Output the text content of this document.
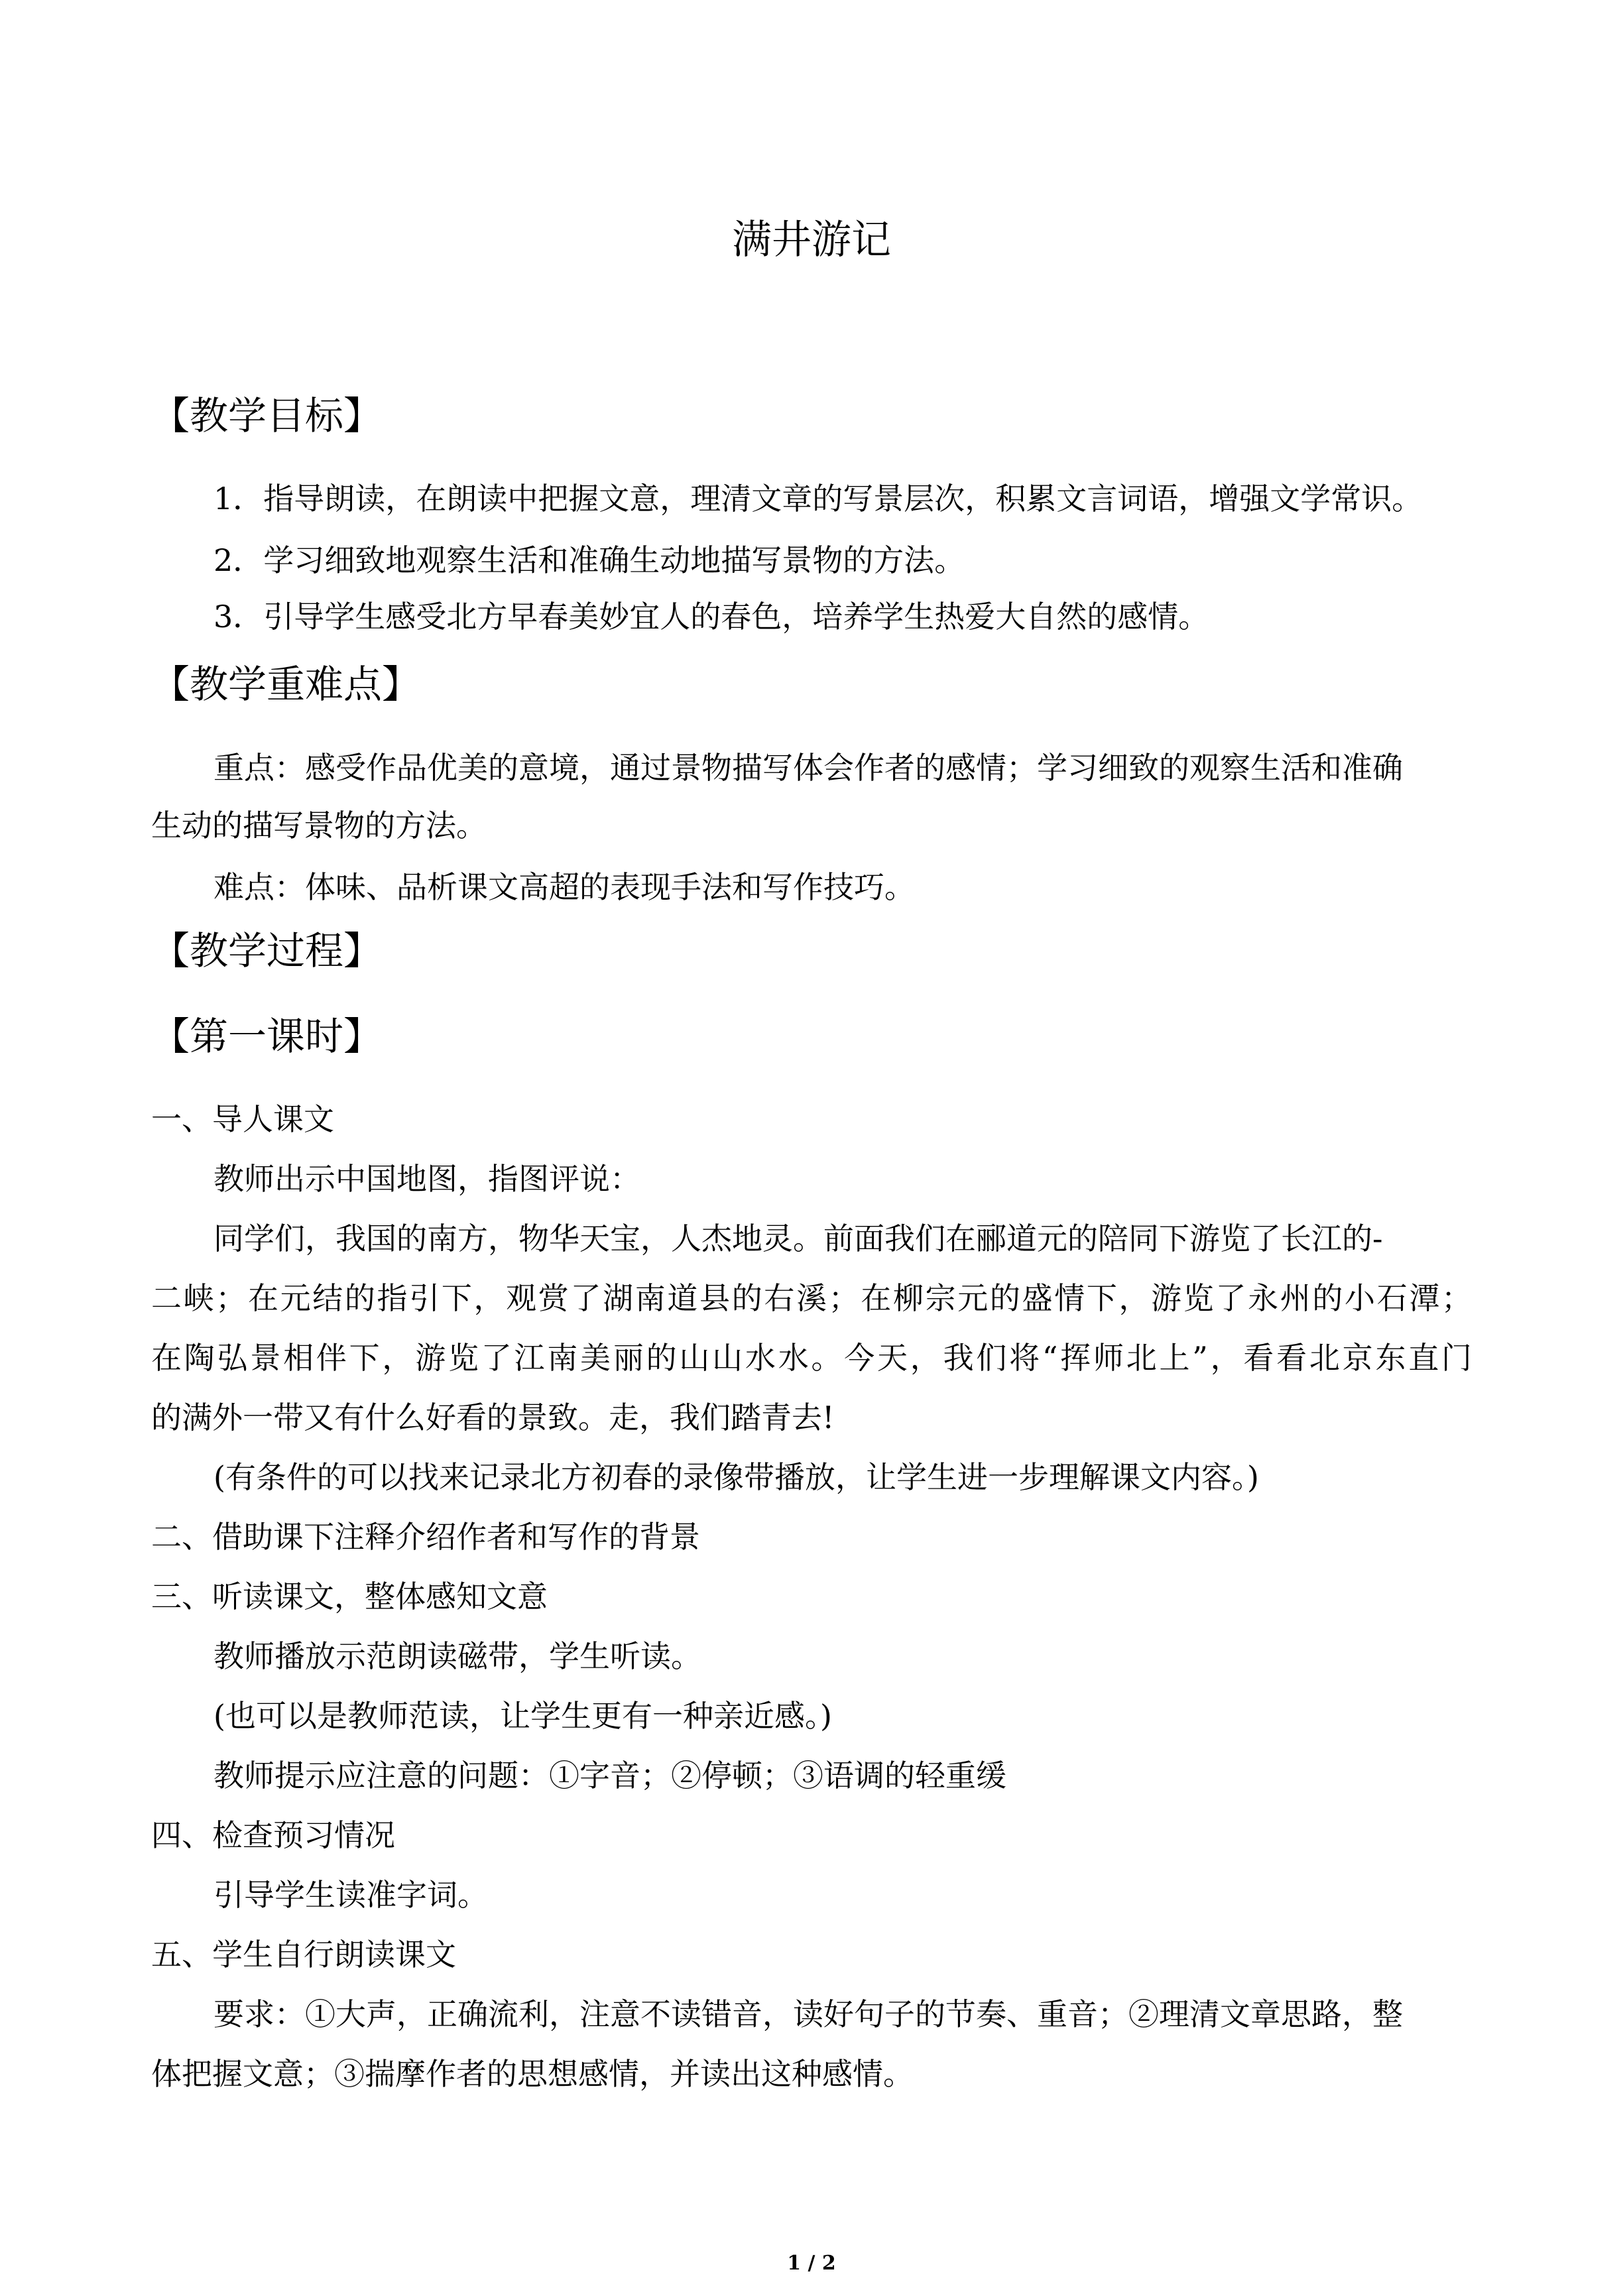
满井游记
【教学目标】
1．指导朗读，在朗读中把握文意，理清文章的写景层次，积累文言词语，增强文学常识。
2．学习细致地观察生活和准确生动地描写景物的方法。
3．引导学生感受北方早春美妙宜人的春色，培养学生热爱大自然的感情。
【教学重难点】
重点：感受作品优美的意境，通过景物描写体会作者的感情；学习细致的观察生活和准确
生动的描写景物的方法。
难点：体味、品析课文高超的表现手法和写作技巧。
【教学过程】
【第一课时】
一、导人课文
教师出示中国地图，指图评说：
同学们，我国的南方，物华天宝，人杰地灵。前面我们在郦道元的陪同下游览了长江的-
二峡；在元结的指引下，观赏了湖南道县的右溪；在柳宗元的盛情下，游览了永州的小石潭；
在陶弘景相伴下，游览了江南美丽的山山水水。今天，我们将“挥师北上”，看看北京东直门
的满外一带又有什么好看的景致。走，我们踏青去!
(有条件的可以找来记录北方初春的录像带播放，让学生进一步理解课文内容。)
二、借助课下注释介绍作者和写作的背景
三、听读课文，整体感知文意
教师播放示范朗读磁带，学生听读。
(也可以是教师范读，让学生更有一种亲近感。)
教师提示应注意的问题：①字音；②停顿；③语调的轻重缓
四、检查预习情况
引导学生读准字词。
五、学生自行朗读课文
要求：①大声，正确流利，注意不读错音，读好句子的节奏、重音；②理清文章思路，整
体把握文意；③揣摩作者的思想感情，并读出这种感情。
1 / 2
